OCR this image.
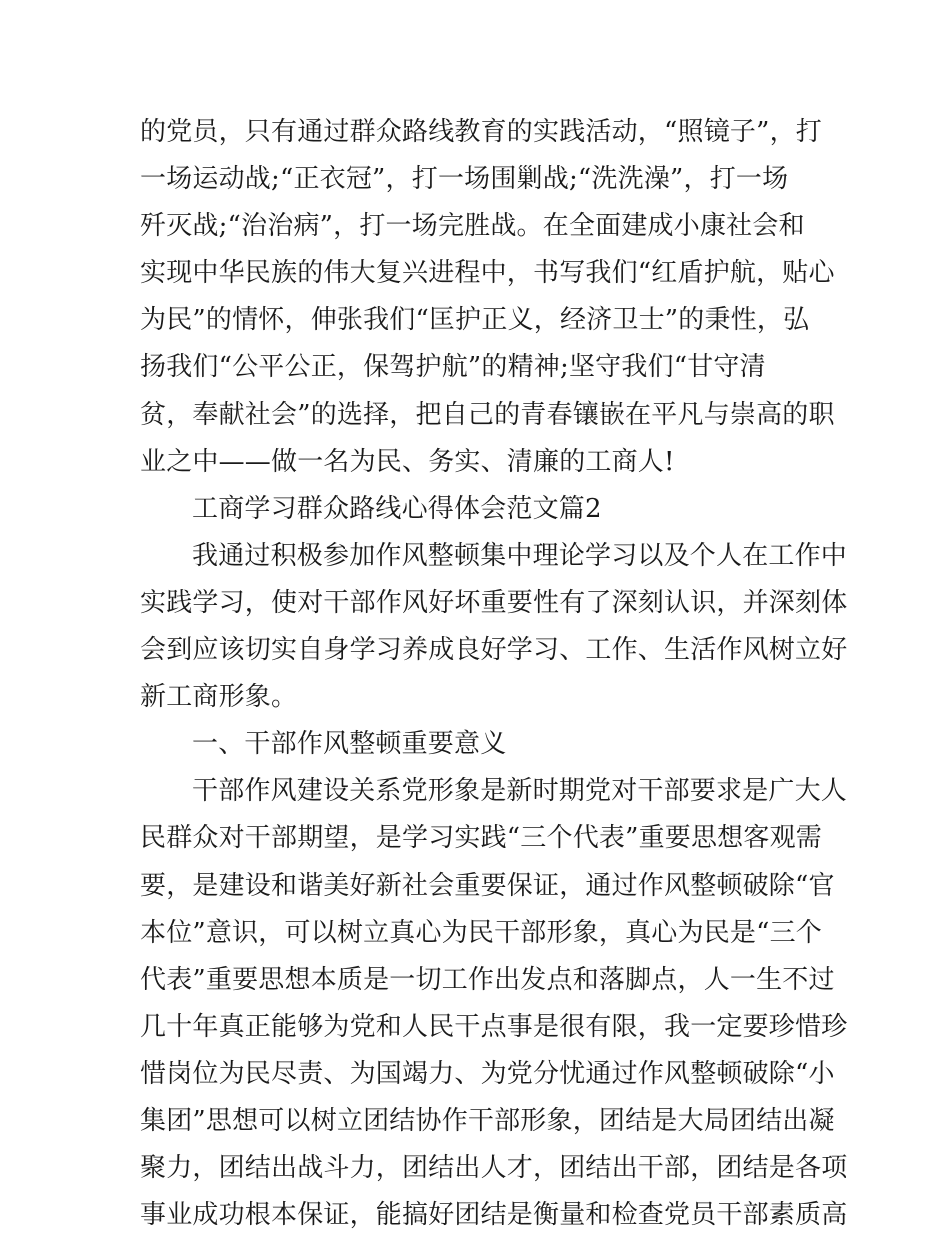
的党员，只有通过群众路线教育的实践活动，“照镜子”，打
一场运动战;“正衣冠”，打一场围剿战;“洗洗澡”，打一场
歼灭战;“治治病”，打一场完胜战。在全面建成小康社会和
实现中华民族的伟大复兴进程中，书写我们“红盾护航，贴心
为民”的情怀，伸张我们“匡护正义，经济卫士”的秉性，弘
扬我们“公平公正，保驾护航”的精神;坚守我们“甘守清
贫，奉献社会”的选择，把自己的青春镶嵌在平凡与崇高的职
业之中——做一名为民、务实、清廉的工商人!
工商学习群众路线心得体会范文篇2
我通过积极参加作风整顿集中理论学习以及个人在工作中
实践学习，使对干部作风好坏重要性有了深刻认识，并深刻体
会到应该切实自身学习养成良好学习、工作、生活作风树立好
新工商形象。
一、干部作风整顿重要意义
干部作风建设关系党形象是新时期党对干部要求是广大人
民群众对干部期望，是学习实践“三个代表”重要思想客观需
要，是建设和谐美好新社会重要保证，通过作风整顿破除“官
本位”意识，可以树立真心为民干部形象，真心为民是“三个
代表”重要思想本质是一切工作出发点和落脚点，人一生不过
几十年真正能够为党和人民干点事是很有限，我一定要珍惜珍
惜岗位为民尽责、为国竭力、为党分忧通过作风整顿破除“小
集团”思想可以树立团结协作干部形象，团结是大局团结出凝
聚力，团结出战斗力，团结出人才，团结出干部，团结是各项
事业成功根本保证，能搞好团结是衡量和检查党员干部素质高
